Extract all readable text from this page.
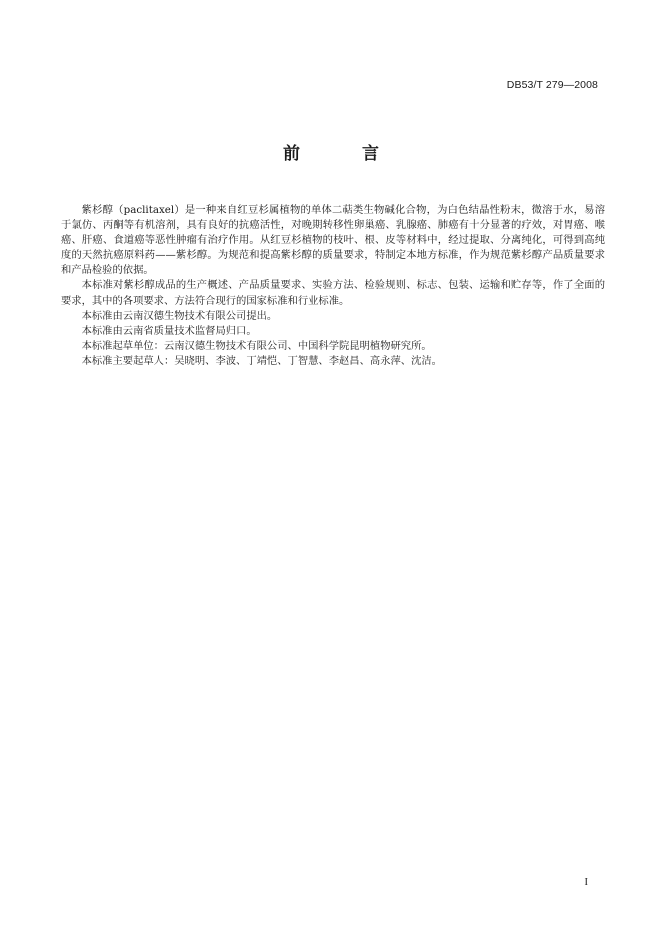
DB53/T 279—2008
前 言

紫杉醇（paclitaxel）是一种来自红豆杉属植物的单体二萜类生物碱化合物，为白色结晶性粉末，微溶于水，易溶于氯仿、丙酮等有机溶剂，具有良好的抗癌活性，对晚期转移性卵巢癌、乳腺癌、肺癌有十分显著的疗效，对胃癌、喉癌、肝癌、食道癌等恶性肿瘤有治疗作用。从红豆杉植物的枝叶、根、皮等材料中，经过提取、分离纯化，可得到高纯度的天然抗癌原料药——紫杉醇。为规范和提高紫杉醇的质量要求，特制定本地方标准，作为规范紫杉醇产品质量要求和产品检验的依据。

本标准对紫杉醇成品的生产概述、产品质量要求、实验方法、检验规则、标志、包装、运输和贮存等，作了全面的要求，其中的各项要求、方法符合现行的国家标准和行业标准。

本标准由云南汉德生物技术有限公司提出。

本标准由云南省质量技术监督局归口。

本标准起草单位：云南汉德生物技术有限公司、中国科学院昆明植物研究所。

本标准主要起草人：吴晓明、李波、丁靖恺、丁智慧、李赵昌、高永萍、沈洁。

I
